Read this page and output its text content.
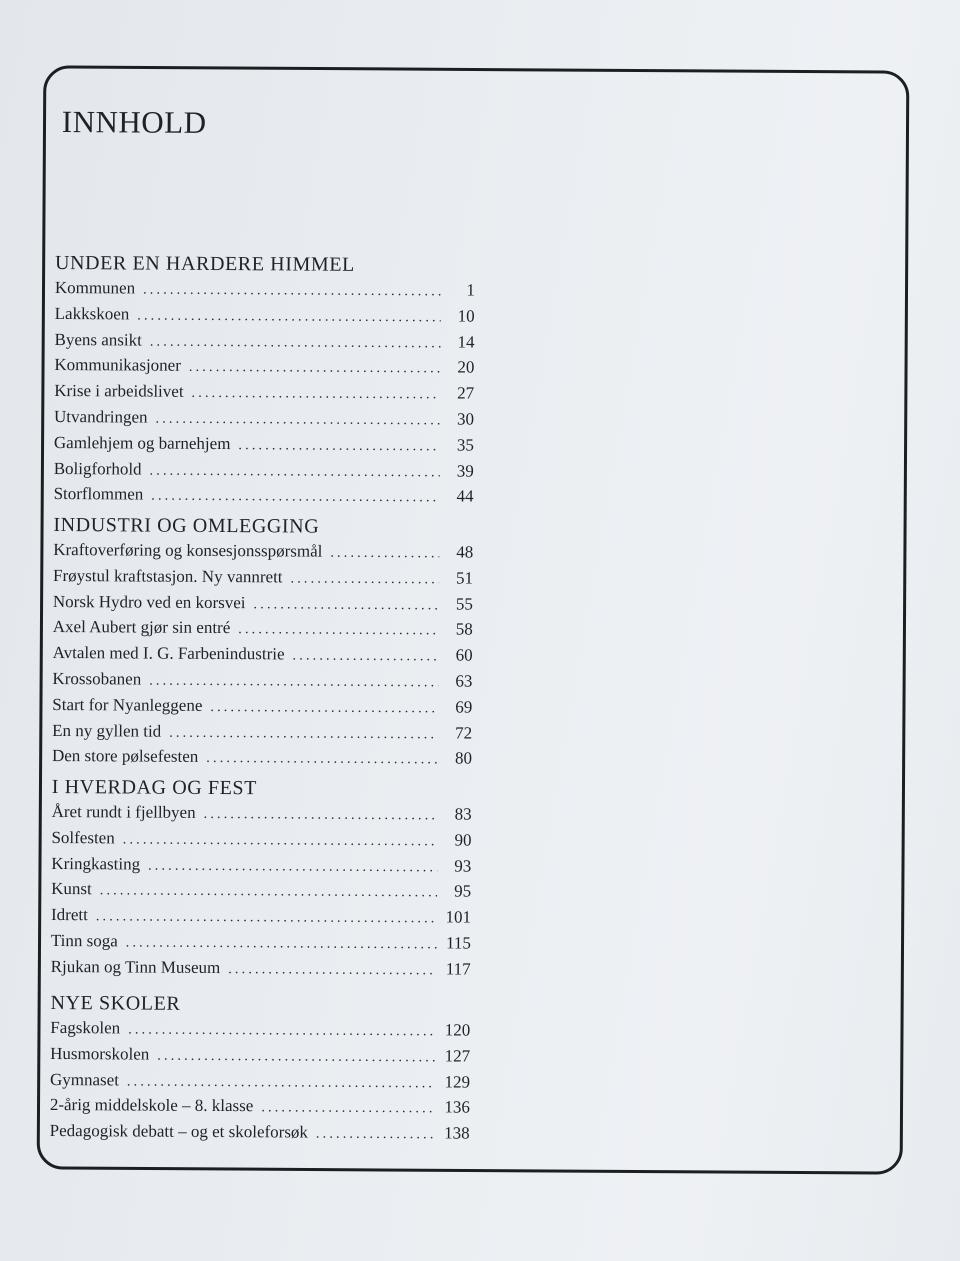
INNHOLD
UNDER EN HARDERE HIMMEL
Kommunen .....	1
Lakkskoen .....	10
Byens ansikt .....	14
Kommunikasjoner .....	20
Krise i arbeidslivet .....	27
Utvandringen .....	30
Gamlehjem og barnehjem .....	35
Boligforhold .....	39
Storflommen .....	44
INDUSTRI OG OMLEGGING
Kraftoverføring og konsesjonsspørsmål .....	48
Frøystul kraftstasjon. Ny vannrett .....	51
Norsk Hydro ved en korsvei .....	55
Axel Aubert gjør sin entré .....	58
Avtalen med I. G. Farbenindustrie .....	60
Krossobanen .....	63
Start for Nyanleggene .....	69
En ny gyllen tid .....	72
Den store pølsefesten .....	80
I HVERDAG OG FEST
Året rundt i fjellbyen .....	83
Solfesten .....	90
Kringkasting .....	93
Kunst .....	95
Idrett .....	101
Tinn soga .....	115
Rjukan og Tinn Museum .....	117
NYE SKOLER
Fagskolen .....	120
Husmorskolen .....	127
Gymnaset .....	129
2-årig middelskole – 8. klasse .....	136
Pedagogisk debatt – og et skoleforsøk .....	138
